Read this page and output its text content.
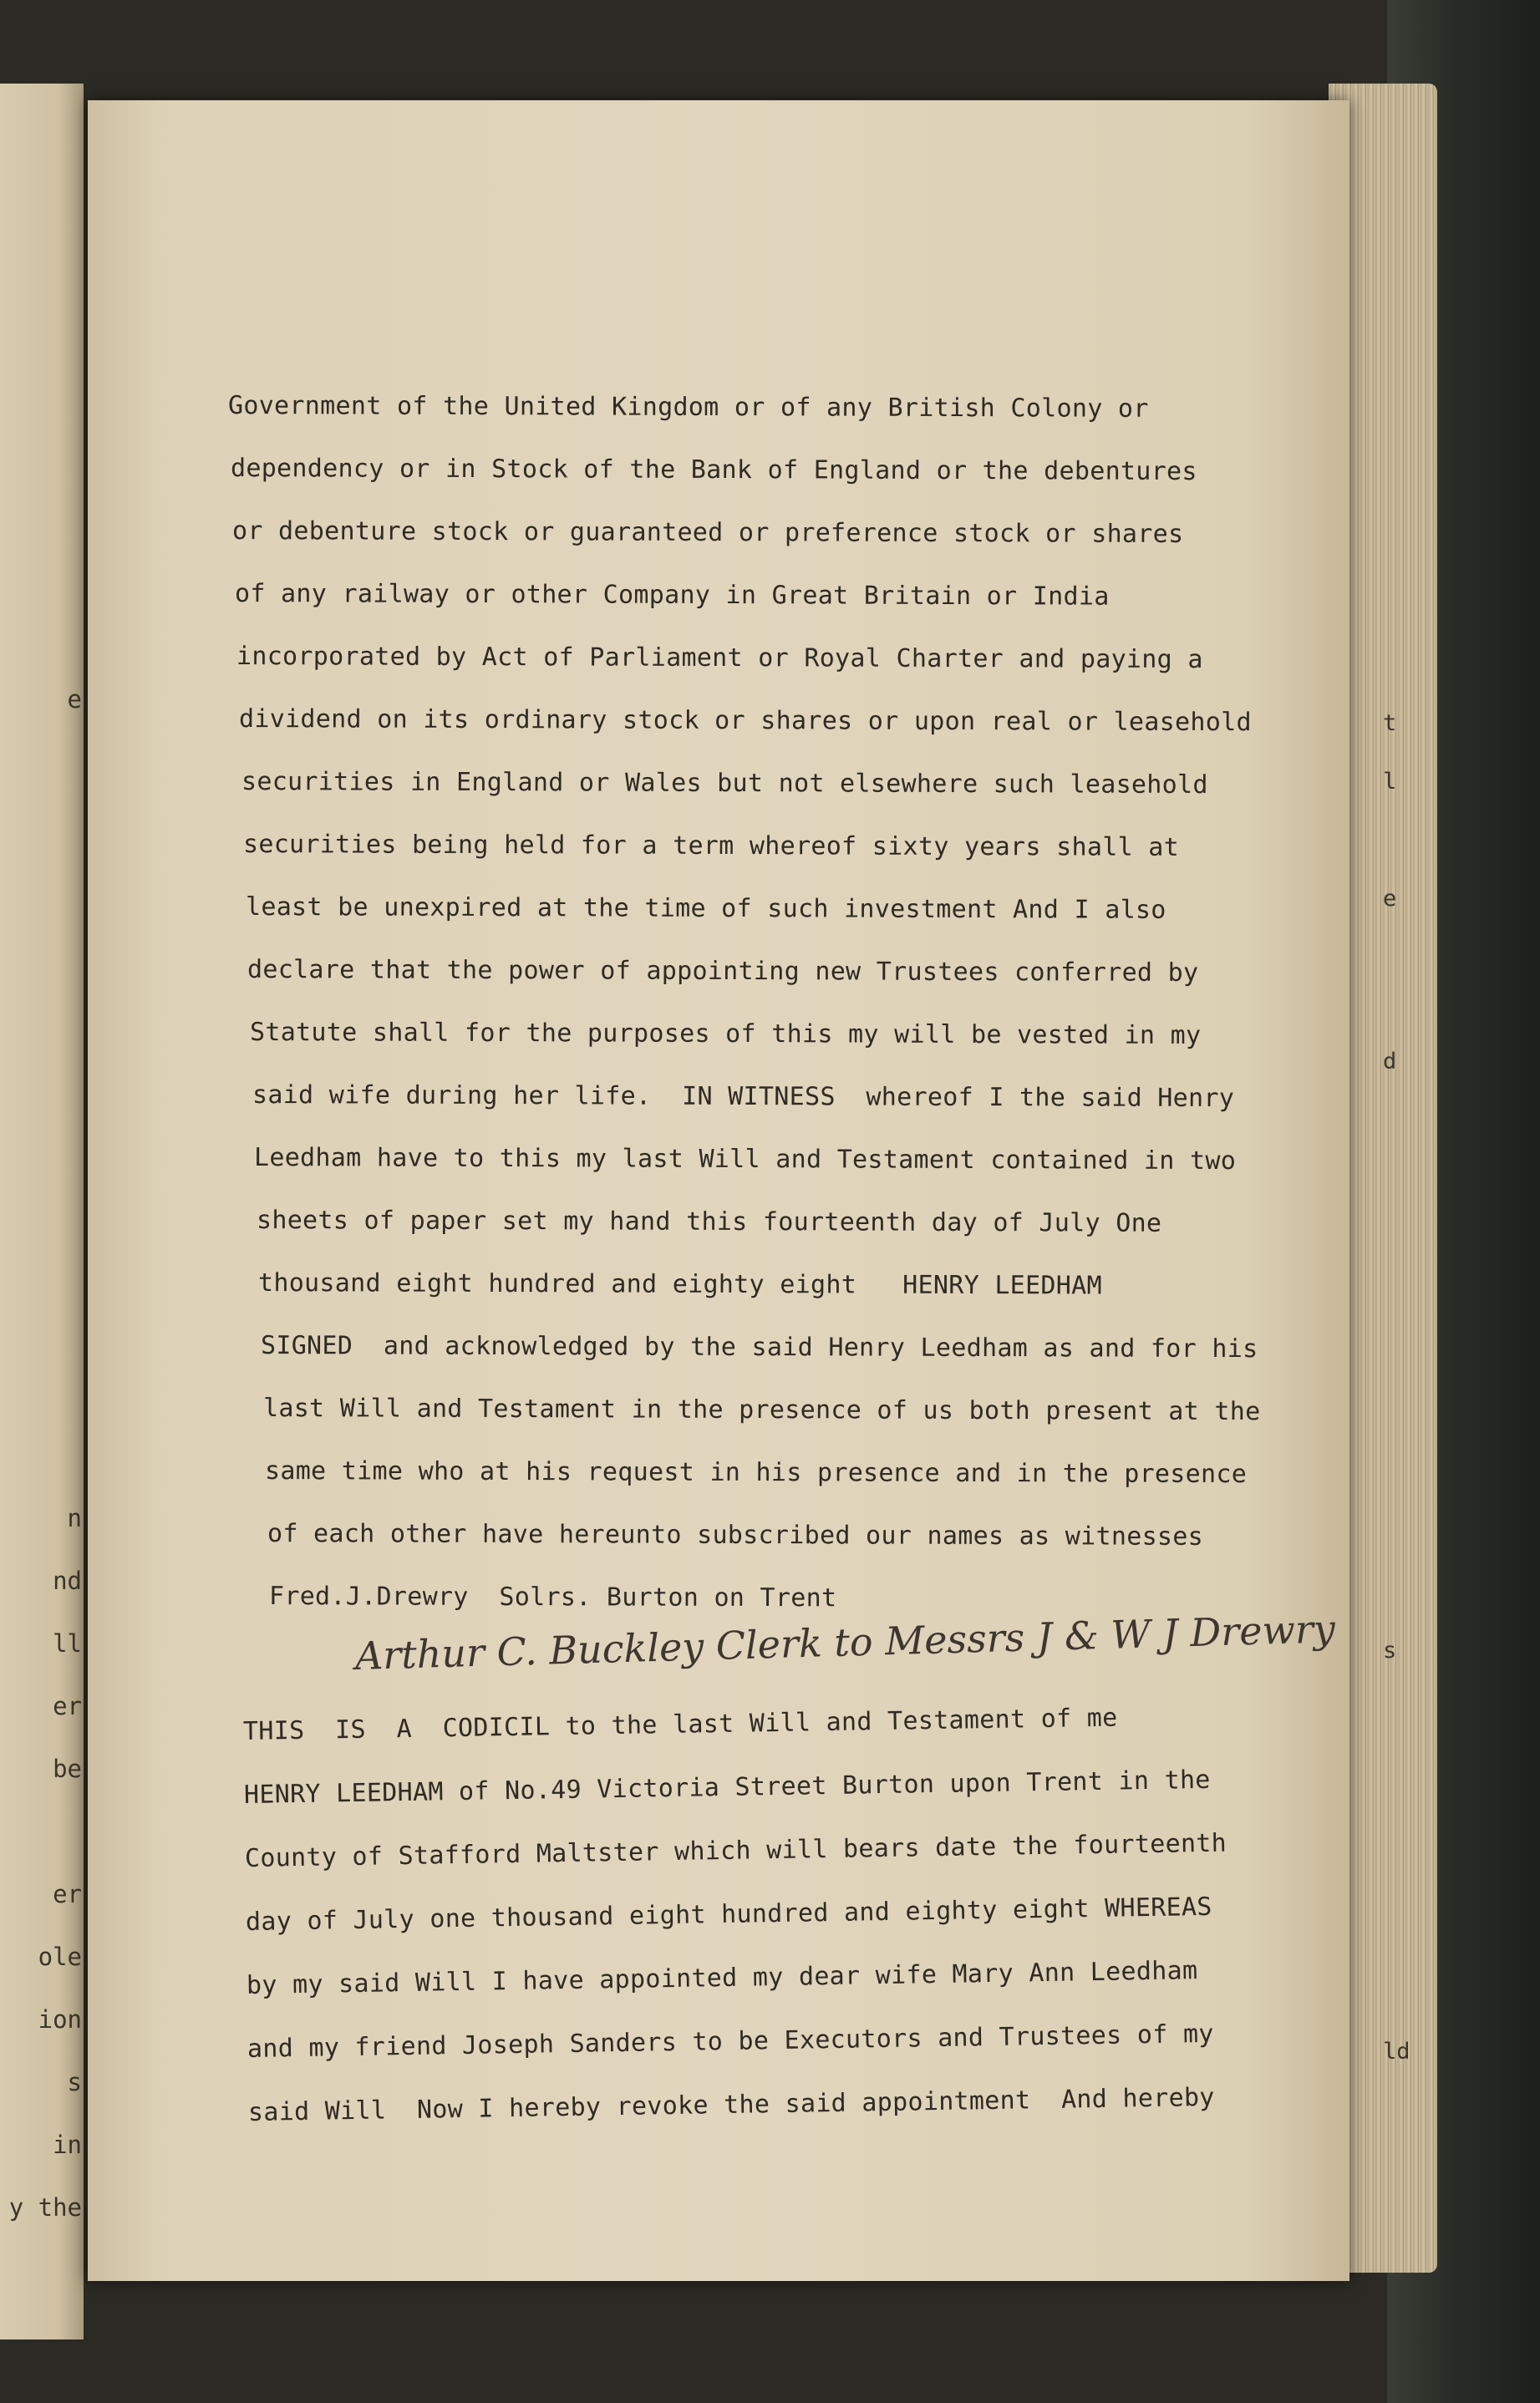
e
n
nd
ll
er
be
er
ole
ion
s
in
y the
t
l
e
d
s
ld

Government of the United Kingdom or of any British Colony or

dependency or in Stock of the Bank of England or the debentures

or debenture stock or guaranteed or preference stock or shares

of any railway or other Company in Great Britain or India

incorporated by Act of Parliament or Royal Charter and paying a

dividend on its ordinary stock or shares or upon real or leasehold

securities in England or Wales but not elsewhere such leasehold

securities being held for a term whereof sixty years shall at

least be unexpired at the time of such investment And I also

declare that the power of appointing new Trustees conferred by

Statute shall for the purposes of this my will be vested in my

said wife during her life.  IN WITNESS  whereof I the said Henry

Leedham have to this my last Will and Testament contained in two

sheets of paper set my hand this fourteenth day of July One

thousand eight hundred and eighty eight   HENRY LEEDHAM

SIGNED  and acknowledged by the said Henry Leedham as and for his

last Will and Testament in the presence of us both present at the

same time who at his request in his presence and in the presence

of each other have hereunto subscribed our names as witnesses

Fred.J.Drewry  Solrs. Burton on Trent

Arthur C. Buckley Clerk to Messrs J & W J Drewry

THIS  IS  A  CODICIL to the last Will and Testament of me

HENRY LEEDHAM of No.49 Victoria Street Burton upon Trent in the

County of Stafford Maltster which will bears date the fourteenth

day of July one thousand eight hundred and eighty eight WHEREAS

by my said Will I have appointed my dear wife Mary Ann Leedham

and my friend Joseph Sanders to be Executors and Trustees of my

said Will  Now I hereby revoke the said appointment  And hereby
